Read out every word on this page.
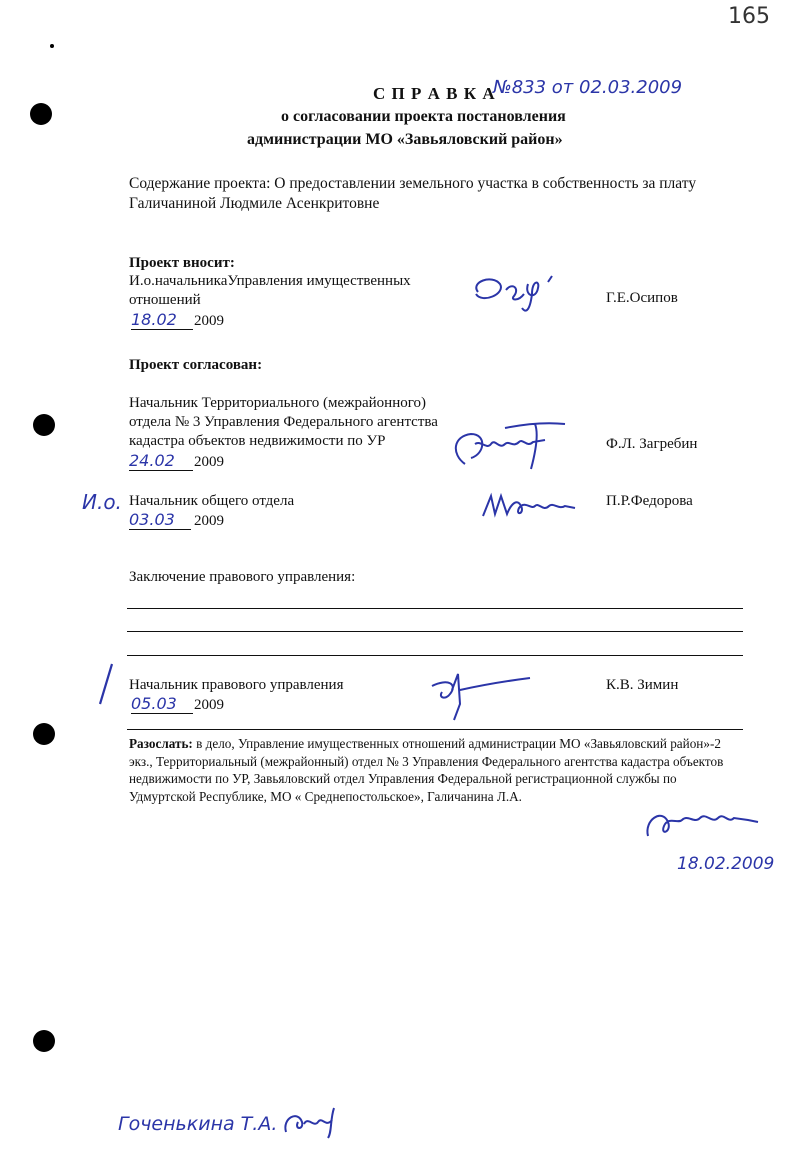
165
С П Р А В К А
№833 от 02.03.2009
о согласовании проекта постановления
администрации МО «Завьяловский район»
Содержание проекта: О предоставлении земельного участка в собственность за плату
Галичаниной Людмиле Асенкритовне
Проект вносит:
И.о.начальникаУправления имущественных
отношений
18.02	2009
Г.Е.Осипов
Проект согласован:
Начальник Территориального (межрайонного)
отдела № 3 Управления Федерального агентства
кадастра объектов недвижимости по УР
24.02	2009
Ф.Л. Загребин
И.о. Начальник общего отдела
03.03	2009
П.Р.Федорова
Заключение правового управления:
Начальник правового управления
05.03	2009
К.В. Зимин
Разослать: в дело, Управление имущественных отношений администрации МО «Завьяловский район»-2
экз., Территориальный (межрайонный) отдел № 3 Управления Федерального агентства кадастра объектов
недвижимости по УР, Завьяловский отдел Управления Федеральной регистрационной службы по
Удмуртской Республике, МО « Среднепостольское», Галичанина Л.А.
18.02.2009
Гоченькина Т.А.
